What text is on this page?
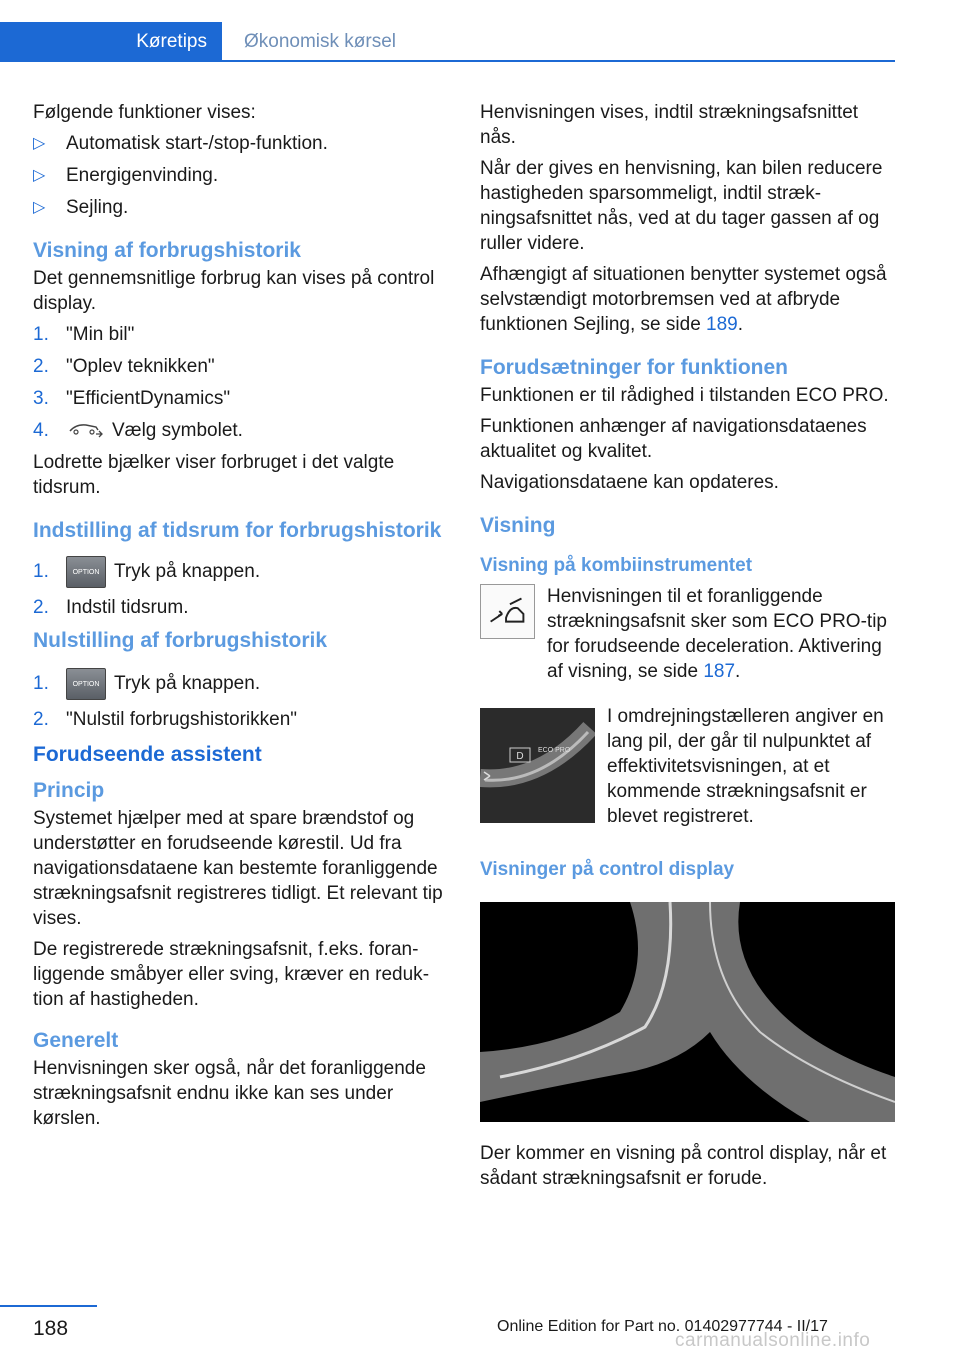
Køretips Økonomisk kørsel

Følgende funktioner vises:

▷ Automatisk start-/stop-funktion.
▷ Energigenvinding.
▷ Sejling.
Visning af forbrugshistorik

Det gennemsnitlige forbrug kan vises på control display.

1. "Min bil"
2. "Oplev teknikken"
3. "EfficientDynamics"
4.	Vælg symbolet.

Lodrette bjælker viser forbruget i det valgte tidsrum.

Indstilling af tidsrum for forbrugshistorik
1.	OPTION Tryk på knappen.
2. Indstil tidsrum.
Nulstilling af forbrugshistorik
1.	OPTION Tryk på knappen.
2. "Nulstil forbrugshistorikken"
Forudseende assistent
Princip

Systemet hjælper med at spare brændstof og understøtter en forudseende kørestil. Ud fra navigationsdataene kan bestemte foranliggende strækningsafsnit registreres tidligt. Et relevant tip vises.

De registrerede strækningsafsnit, f.eks. foranliggende småbyer eller sving, kræver en reduktion af hastigheden.

Generelt

Henvisningen sker også, når det foranliggende strækningsafsnit endnu ikke kan ses under kørslen.

Henvisningen vises, indtil strækningsafsnittet nås.

Når der gives en henvisning, kan bilen reducere hastigheden sparsommeligt, indtil strækningsafsnittet nås, ved at du tager gassen af og ruller videre.

Afhængigt af situationen benytter systemet også selvstændigt motorbremsen ved at afbryde funktionen Sejling, se side 189.

Forudsætninger for funktionen

Funktionen er til rådighed i tilstanden ECO PRO.

Funktionen anhænger af navigationsdataenes aktualitet og kvalitet.

Navigationsdataene kan opdateres.

Visning
Visning på kombiinstrumentet

Henvisningen til et foranliggende strækningsafsnit sker som ECO PRO-tip for forudseende deceleration. Aktivering af visning, se side 187.

D
ECO PRO

I omdrejningstælleren angiver en lang pil, der går til nulpunktet af effektivitetsvisningen, at et kommende strækningsafsnit er blevet registreret.

Visninger på control display

Der kommer en visning på control display, når et sådant strækningsafsnit er forude.

188	Online Edition for Part no. 01402977744 - II/17
carmanualsonline.info
